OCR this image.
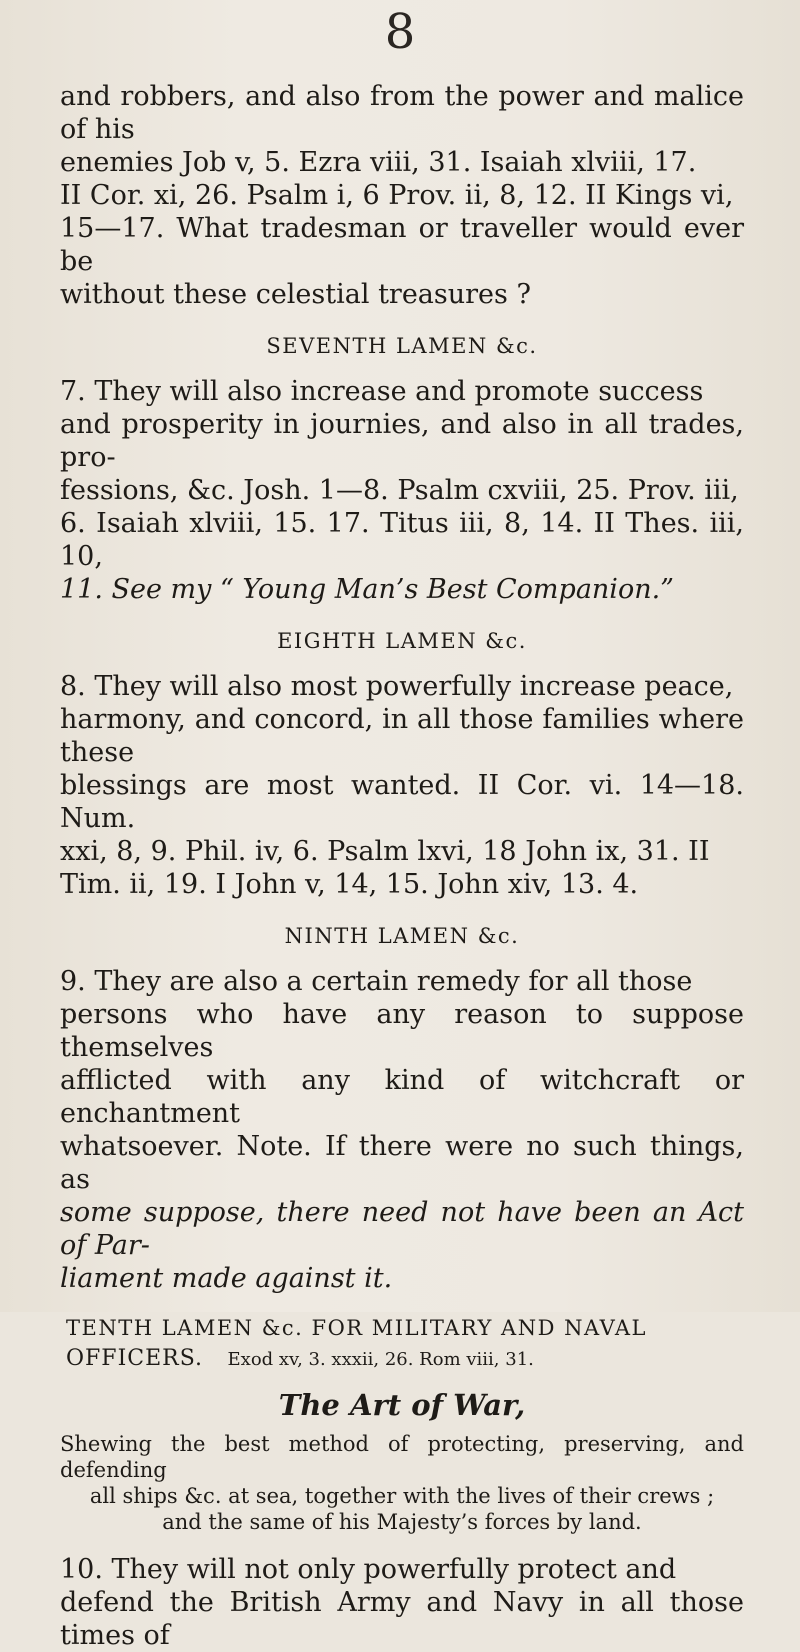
8

and robbers, and also from the power and malice of his

enemies Job v, 5. Ezra viii, 31. Isaiah xlviii, 17.

II Cor. xi, 26. Psalm i, 6 Prov. ii, 8, 12. II Kings vi,

15—17. What tradesman or traveller would ever be

without these celestial treasures ?

SEVENTH LAMEN &c.

7. They will also increase and promote success

and prosperity in journies, and also in all trades, pro-

fessions, &c. Josh. 1—8. Psalm cxviii, 25. Prov. iii,

6. Isaiah xlviii, 15. 17. Titus iii, 8, 14. II Thes. iii, 10,

11. See my “ Young Man’s Best Companion.”

EIGHTH LAMEN &c.

8. They will also most powerfully increase peace,

harmony, and concord, in all those families where these

blessings are most wanted. II Cor. vi. 14—18. Num.

xxi, 8, 9. Phil. iv, 6. Psalm lxvi, 18 John ix, 31. II

Tim. ii, 19. I John v, 14, 15. John xiv, 13. 4.

NINTH LAMEN &c.

9. They are also a certain remedy for all those

persons who have any reason to suppose themselves

afflicted with any kind of witchcraft or enchantment

whatsoever. Note. If there were no such things, as

some suppose, there need not have been an Act of Par-

liament made against it.

TENTH LAMEN &c. FOR MILITARY AND NAVAL

OFFICERS. Exod xv, 3. xxxii, 26. Rom viii, 31.

The Art of War,

Shewing the best method of protecting, preserving, and defending

all ships &c. at sea, together with the lives of their crews ;

and the same of his Majesty’s forces by land.

10. They will not only powerfully protect and

defend the British Army and Navy in all those times of
